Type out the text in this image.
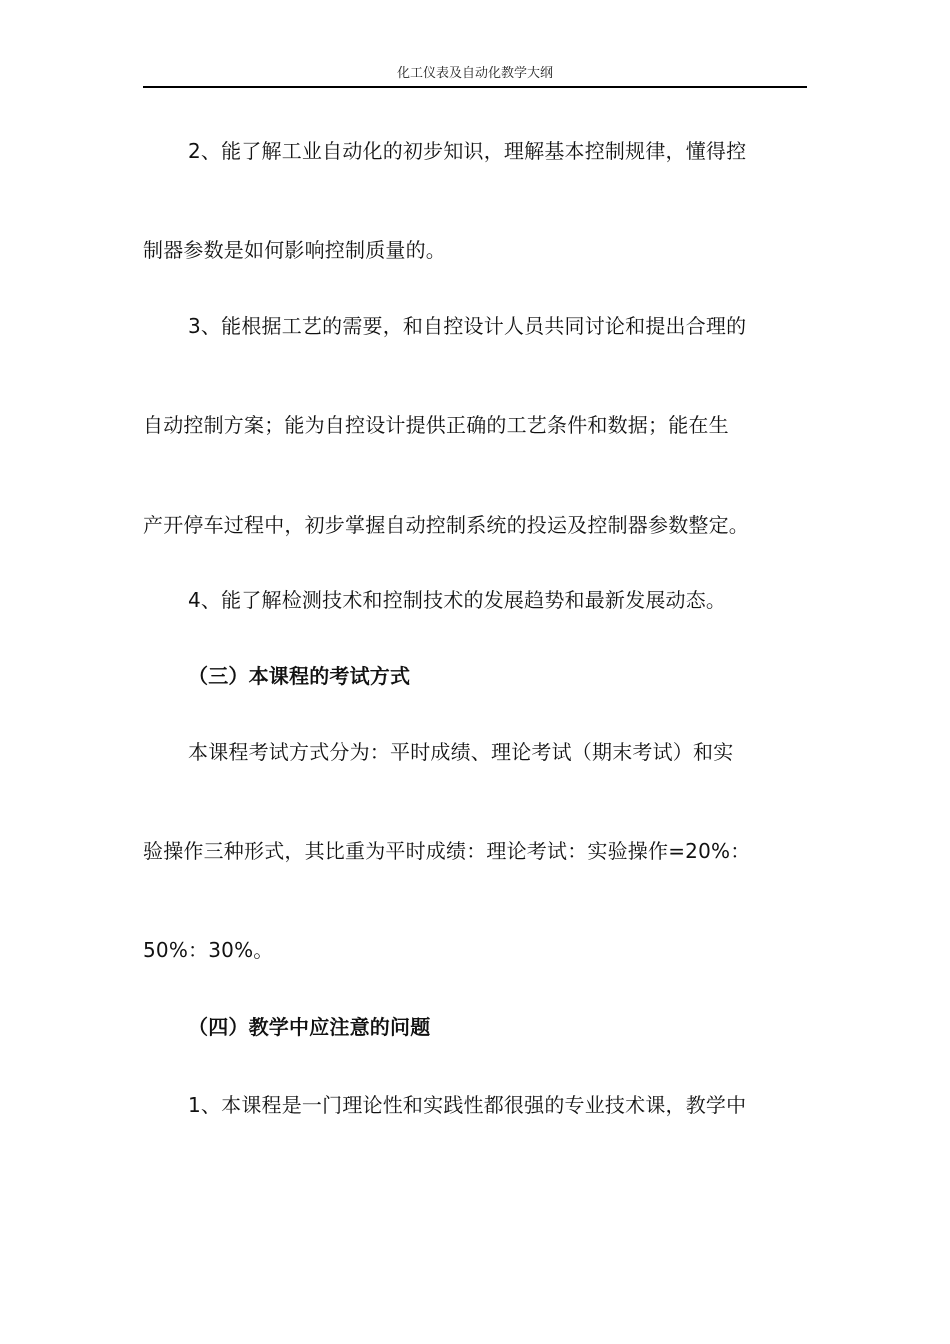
化工仪表及自动化教学大纲
2、能了解工业自动化的初步知识，理解基本控制规律，懂得控
制器参数是如何影响控制质量的。
3、能根据工艺的需要，和自控设计人员共同讨论和提出合理的
自动控制方案；能为自控设计提供正确的工艺条件和数据；能在生
产开停车过程中，初步掌握自动控制系统的投运及控制器参数整定。
4、能了解检测技术和控制技术的发展趋势和最新发展动态。
（三）本课程的考试方式
本课程考试方式分为：平时成绩、理论考试（期末考试）和实
验操作三种形式，其比重为平时成绩：理论考试：实验操作=20%：
50%：30%。
（四）教学中应注意的问题
1、本课程是一门理论性和实践性都很强的专业技术课，教学中
